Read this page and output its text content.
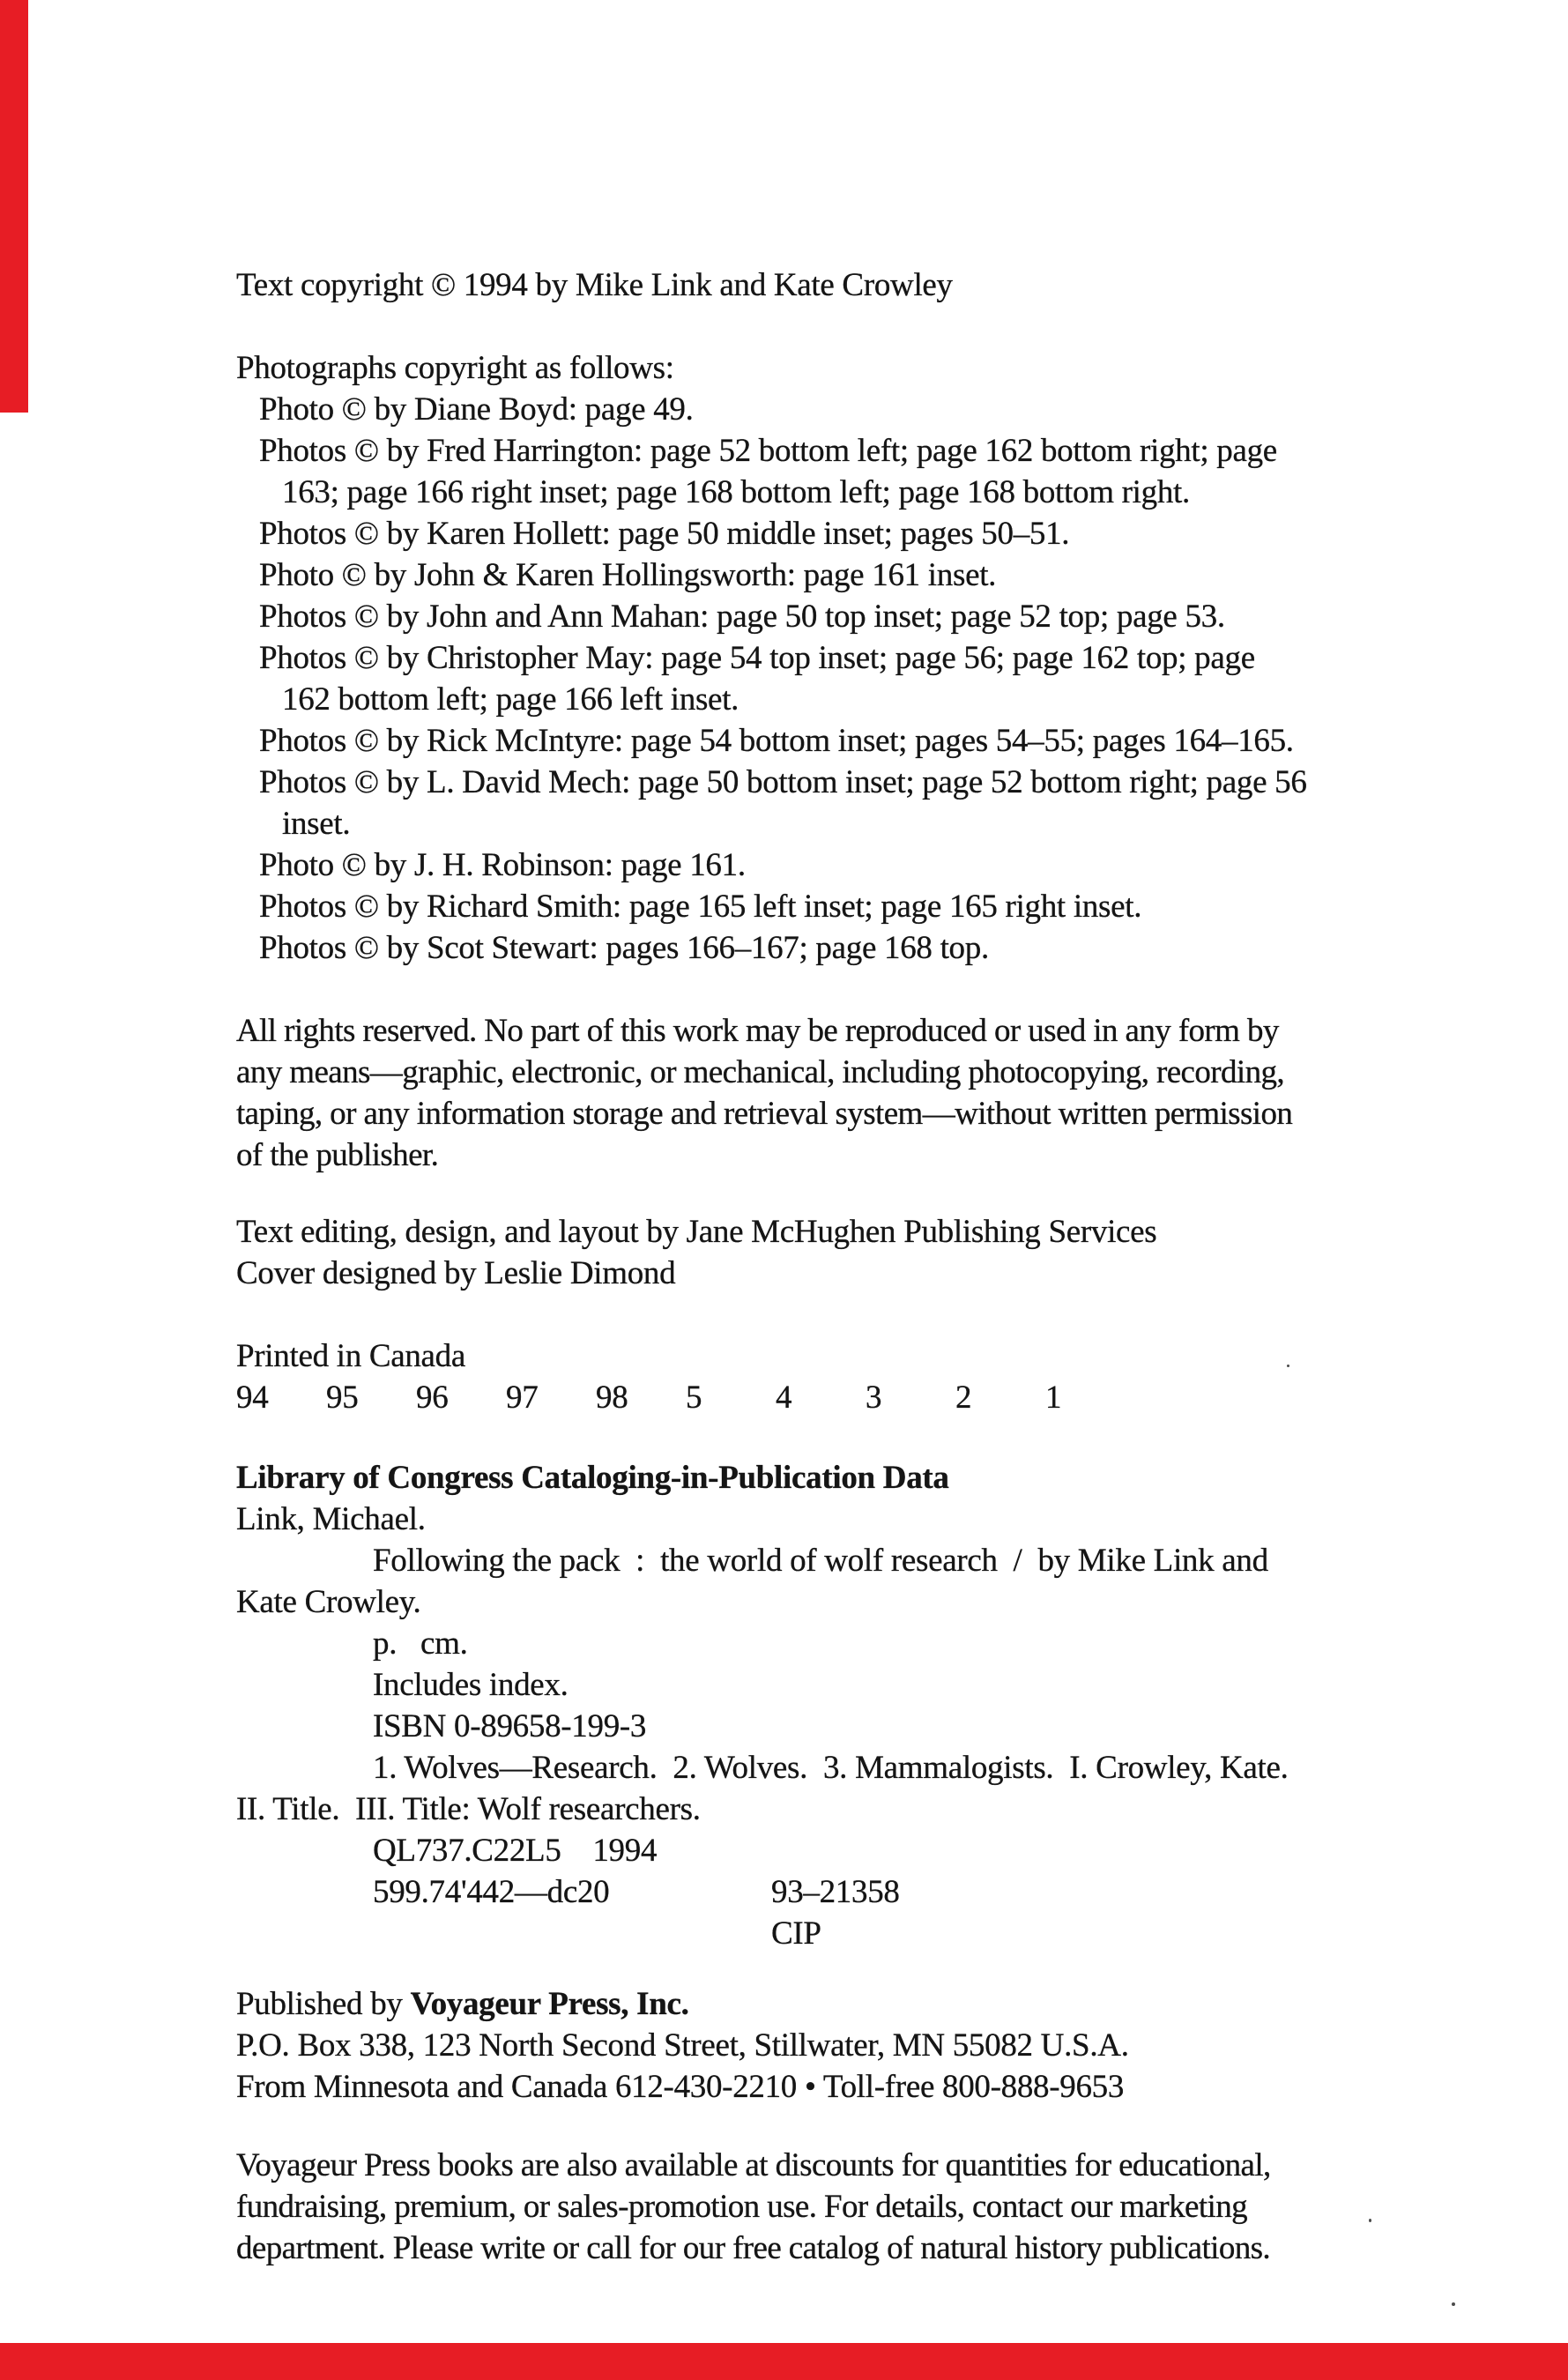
Text copyright © 1994 by Mike Link and Kate Crowley
Photographs copyright as follows:
Photo © by Diane Boyd: page 49.
Photos © by Fred Harrington: page 52 bottom left; page 162 bottom right; page
163; page 166 right inset; page 168 bottom left; page 168 bottom right.
Photos © by Karen Hollett: page 50 middle inset; pages 50–51.
Photo © by John & Karen Hollingsworth: page 161 inset.
Photos © by John and Ann Mahan: page 50 top inset; page 52 top; page 53.
Photos © by Christopher May: page 54 top inset; page 56; page 162 top; page
162 bottom left; page 166 left inset.
Photos © by Rick McIntyre: page 54 bottom inset; pages 54–55; pages 164–165.
Photos © by L. David Mech: page 50 bottom inset; page 52 bottom right; page 56
inset.
Photo © by J. H. Robinson: page 161.
Photos © by Richard Smith: page 165 left inset; page 165 right inset.
Photos © by Scot Stewart: pages 166–167; page 168 top.
All rights reserved. No part of this work may be reproduced or used in any form by
any means—graphic, electronic, or mechanical, including photocopying, recording,
taping, or any information storage and retrieval system—without written permission
of the publisher.
Text editing, design, and layout by Jane McHughen Publishing Services
Cover designed by Leslie Dimond
Printed in Canada
94 95 96 97 98 5 4 3 2 1
Library of Congress Cataloging-in-Publication Data
Link, Michael.
Following the pack  :  the world of wolf research  /  by Mike Link and
Kate Crowley.
p.   cm.
Includes index.
ISBN 0-89658-199-3
1. Wolves—Research.  2. Wolves.  3. Mammalogists.  I. Crowley, Kate.
II. Title.  III. Title: Wolf researchers.
QL737.C22L5    1994
599.74'442—dc20	93–21358
CIP
Published by Voyageur Press, Inc.
P.O. Box 338, 123 North Second Street, Stillwater, MN 55082 U.S.A.
From Minnesota and Canada 612-430-2210 • Toll-free 800-888-9653
Voyageur Press books are also available at discounts for quantities for educational,
fundraising, premium, or sales-promotion use. For details, contact our marketing
department. Please write or call for our free catalog of natural history publications.
